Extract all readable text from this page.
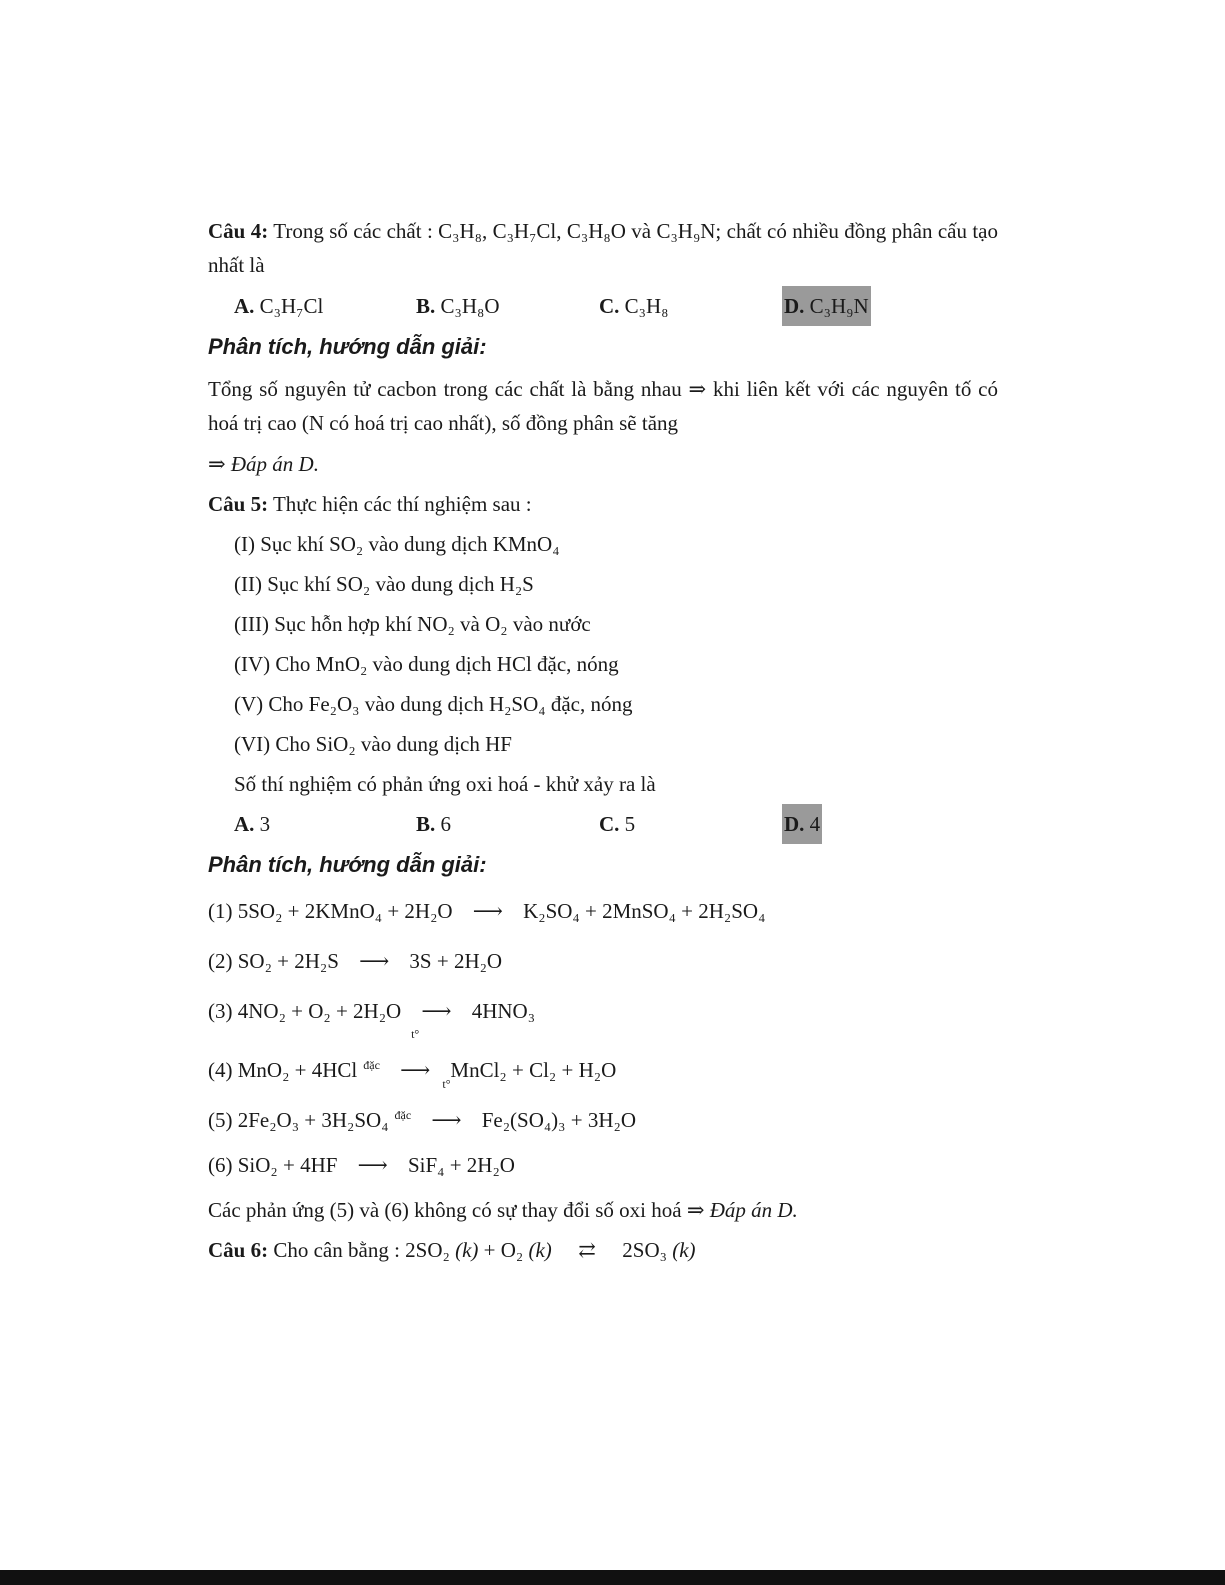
Câu 4: Trong số các chất : C₃H₈, C₃H₇Cl, C₃H₈O và C₃H₉N; chất có nhiều đồng phân cấu tạo nhất là

A. C₃H₇Cl	B. C₃H₈O	C. C₃H₈	D. C₃H₉N
Phân tích, hướng dẫn giải:

Tổng số nguyên tử cacbon trong các chất là bằng nhau ⇒ khi liên kết với các nguyên tố có hoá trị cao (N có hoá trị cao nhất), số đồng phân sẽ tăng

⇒ Đáp án D.
Câu 5: Thực hiện các thí nghiệm sau :
(I) Sục khí SO₂ vào dung dịch KMnO₄
(II) Sục khí SO₂ vào dung dịch H₂S
(III) Sục hỗn hợp khí NO₂ và O₂ vào nước
(IV) Cho MnO₂ vào dung dịch HCl đặc, nóng
(V) Cho Fe₂O₃ vào dung dịch H₂SO₄ đặc, nóng
(VI) Cho SiO₂ vào dung dịch HF
Số thí nghiệm có phản ứng oxi hoá - khử xảy ra là
A. 3	B. 6	C. 5	D. 4
Phân tích, hướng dẫn giải:
(1) 5SO₂ + 2KMnO₄ + 2H₂O ⟶ K₂SO₄ + 2MnSO₄ + 2H₂SO₄
(2) SO₂ + 2H₂S ⟶ 3S + 2H₂O
(3) 4NO₂ + O₂ + 2H₂O ⟶ 4HNO₃
(4) MnO₂ + 4HCl $^{đặc}$
t°
⟶ MnCl₂ + Cl₂ + H₂O
(5) 2Fe₂O₃ + 3H₂SO₄ $^{đặc}$
t°
⟶ Fe₂(SO₄)₃ + 3H₂O
(6) SiO₂ + 4HF ⟶ SiF₄ + 2H₂O
Các phản ứng (5) và (6) không có sự thay đổi số oxi hoá ⇒ Đáp án D.
Câu 6: Cho cân bằng : 2SO₂ (k) + O₂ (k) ⇄ 2SO₃ (k)
